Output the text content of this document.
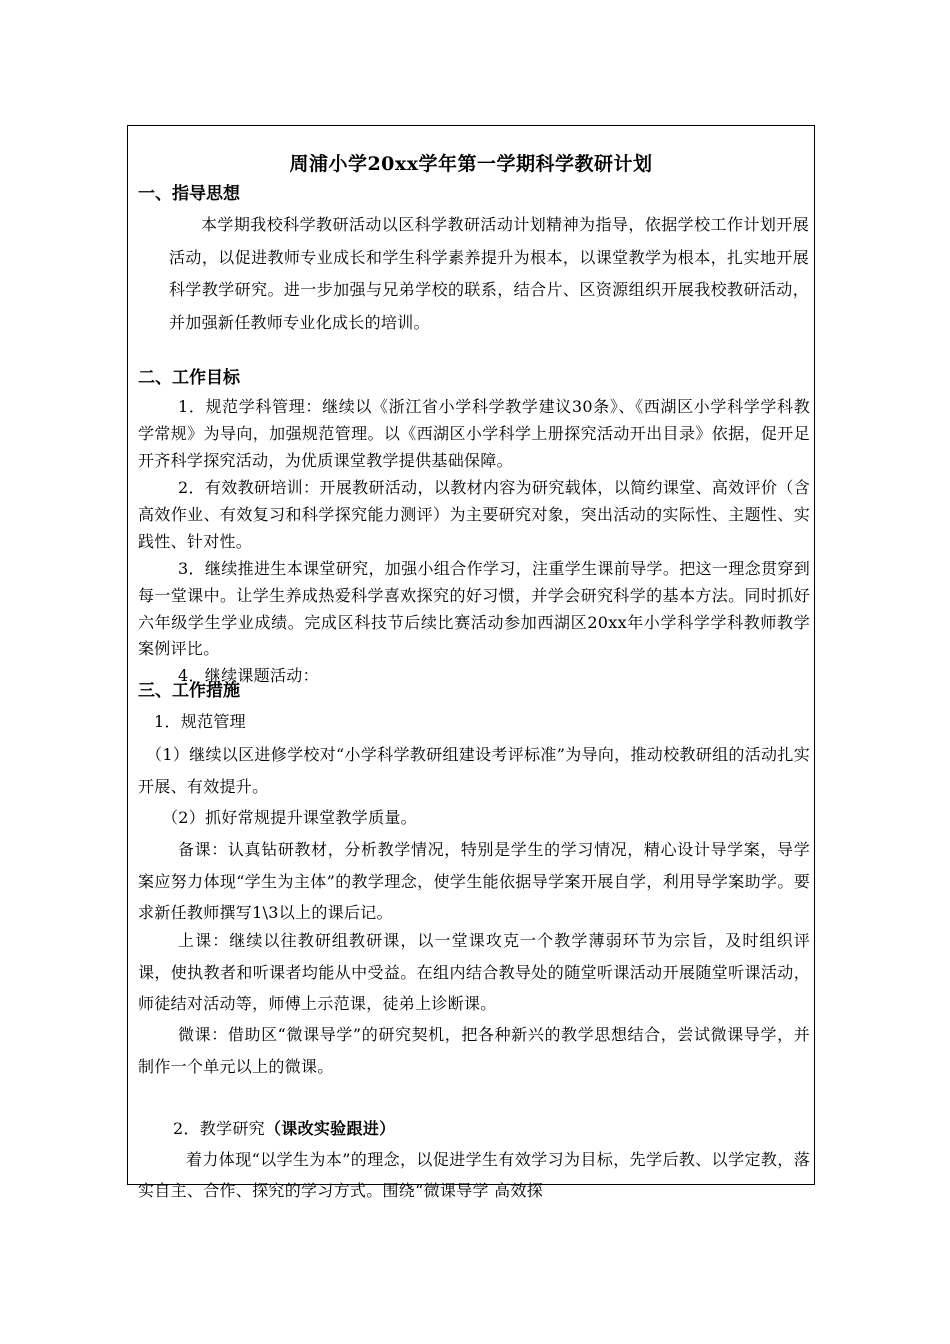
周浦小学20xx学年第一学期科学教研计划
一、指导思想

本学期我校科学教研活动以区科学教研活动计划精神为指导，依据学校工作计划开展活动，以促进教师专业成长和学生科学素养提升为根本，以课堂教学为根本，扎实地开展科学教学研究。进一步加强与兄弟学校的联系，结合片、区资源组织开展我校教研活动，并加强新任教师专业化成长的培训。

二、工作目标

1．规范学科管理：继续以《浙江省小学科学教学建议30条》、《西湖区小学科学学科教学常规》为导向，加强规范管理。以《西湖区小学科学上册探究活动开出目录》依据，促开足开齐科学探究活动，为优质课堂教学提供基础保障。

2．有效教研培训：开展教研活动，以教材内容为研究载体，以简约课堂、高效评价（含高效作业、有效复习和科学探究能力测评）为主要研究对象，突出活动的实际性、主题性、实践性、针对性。

3．继续推进生本课堂研究，加强小组合作学习，注重学生课前导学。把这一理念贯穿到每一堂课中。让学生养成热爱科学喜欢探究的好习惯，并学会研究科学的基本方法。同时抓好六年级学生学业成绩。完成区科技节后续比赛活动参加西湖区20xx年小学科学学科教师教学案例评比。

4．继续课题活动：

三、工作措施

1．规范管理

（1）继续以区进修学校对“小学科学教研组建设考评标准”为导向，推动校教研组的活动扎实开展、有效提升。

（2）抓好常规提升课堂教学质量。

备课：认真钻研教材，分析教学情况，特别是学生的学习情况，精心设计导学案，导学案应努力体现“学生为主体”的教学理念，使学生能依据导学案开展自学，利用导学案助学。要求新任教师撰写1\3以上的课后记。

上课：继续以往教研组教研课，以一堂课攻克一个教学薄弱环节为宗旨，及时组织评课，使执教者和听课者均能从中受益。在组内结合教导处的随堂听课活动开展随堂听课活动，师徒结对活动等，师傅上示范课，徒弟上诊断课。

微课：借助区“微课导学”的研究契机，把各种新兴的教学思想结合，尝试微课导学，并制作一个单元以上的微课。

2．教学研究（课改实验跟进）

着力体现“以学生为本”的理念，以促进学生有效学习为目标，先学后教、以学定教，落实自主、合作、探究的学习方式。围绕“微课导学 高效探
